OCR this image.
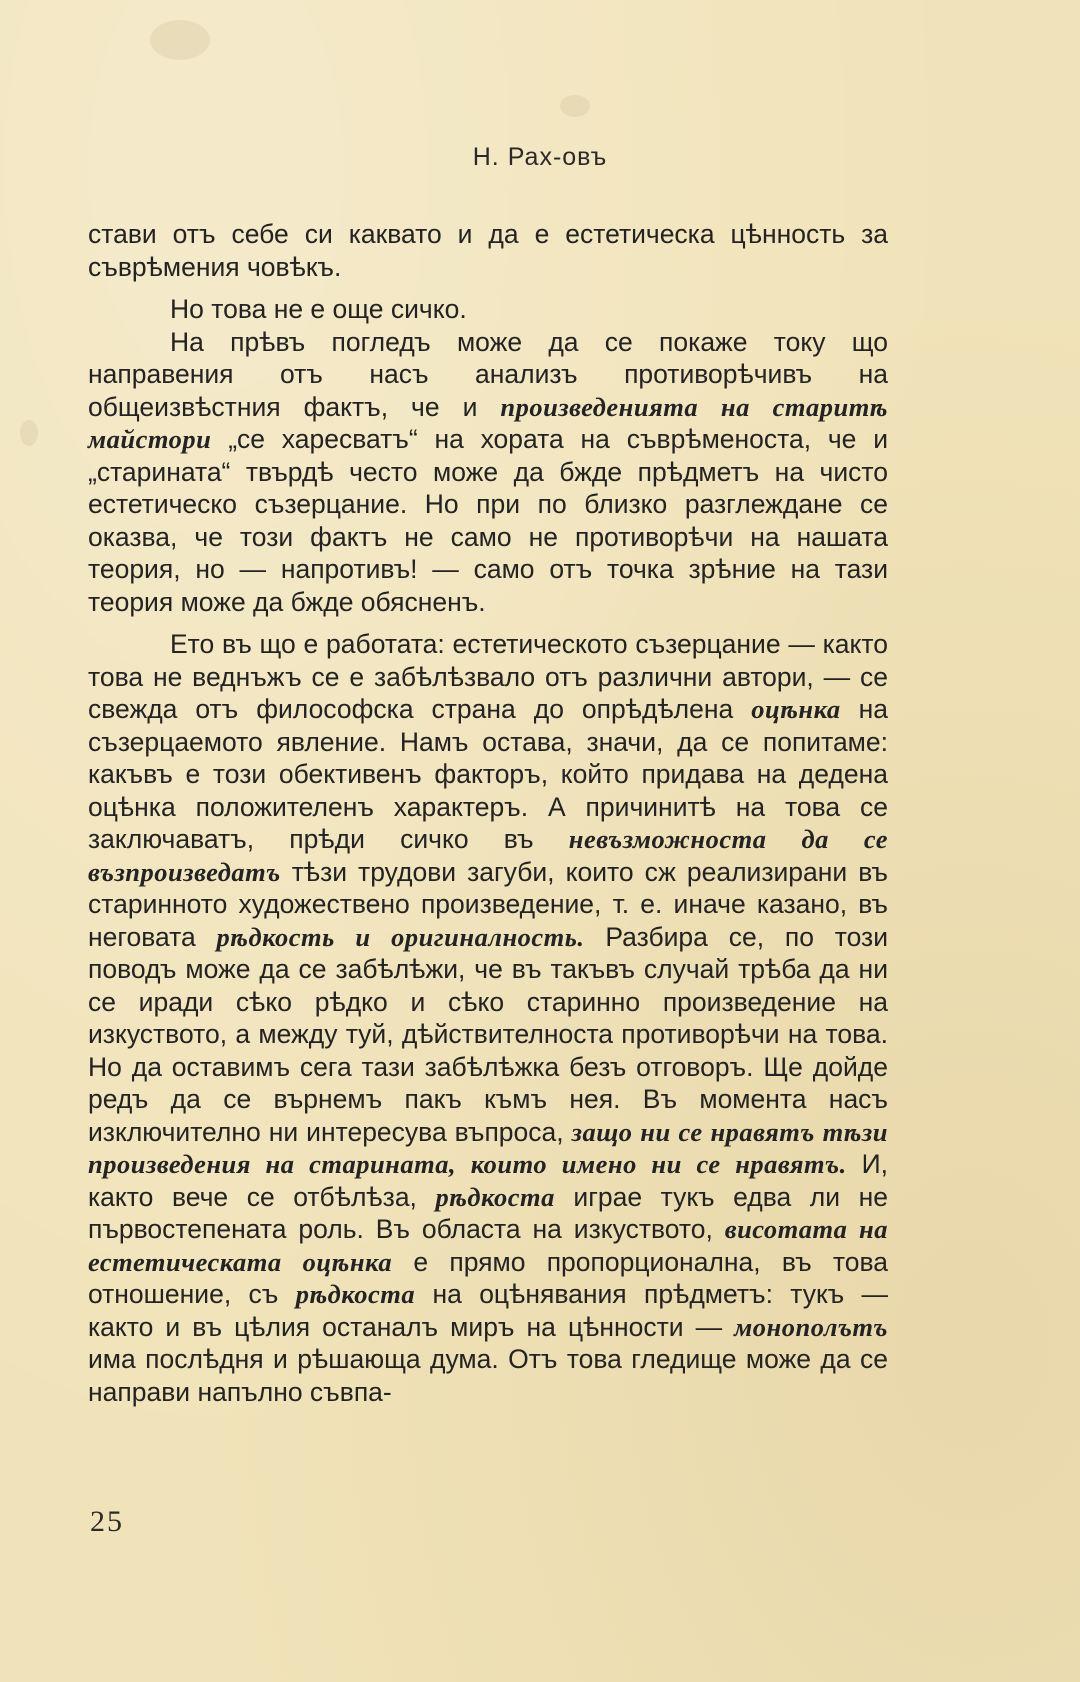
Н. Рах-овъ

стави отъ себе си каквато и да е естетическа цѣнность за съврѣмения човѣкъ.

Но това не е още сичко.

На прѣвъ погледъ може да се покаже току що направения отъ насъ анализъ противорѣчивъ на общеизвѣстния фактъ, че и произведенията на старитѣ майстори „се харесватъ“ на хората на съврѣменоста, че и „старината“ твърдѣ често може да бжде прѣдметъ на чисто естетическо съзерцание. Но при по близко разглеждане се оказва, че този фактъ не само не противорѣчи на нашата теория, но — напротивъ! — само отъ точка зрѣние на тази теория може да бжде обясненъ.

Ето въ що е работата: естетическото съзерцание — както това не веднъжъ се е забѣлѣзвало отъ различни автори, — се свежда отъ философска страна до опрѣдѣлена оцѣнка на съзерцаемото явление. Намъ остава, значи, да се попитаме: какъвъ е този обективенъ факторъ, който придава на дедена оцѣнка положителенъ характеръ. А причинитѣ на това се заключаватъ, прѣди сичко въ невъзможноста да се възпроизведатъ тѣзи трудови загуби, които сж реализирани въ старинното художествено произведение, т. е. иначе казано, въ неговата рѣдкость и оригиналность. Разбира се, по този поводъ може да се забѣлѣжи, че въ такъвъ случай трѣба да ни се иради сѣко рѣдко и сѣко старинно произведение на изкуството, а между туй, дѣйствителноста противорѣчи на това. Но да оставимъ сега тази забѣлѣжка безъ отговоръ. Ще дойде редъ да се върнемъ пакъ къмъ нея. Въ момента насъ изключително ни интересува въпроса, защо ни се нравятъ тѣзи произведения на старината, които имено ни се нравятъ. И, както вече се отбѣлѣза, рѣдкоста играе тукъ едва ли не първостепената роль. Въ областа на изкуството, висотата на естетическата оцѣнка е прямо пропорционална, въ това отношение, съ рѣдкоста на оцѣнявания прѣдметъ: тукъ — както и въ цѣлия останалъ миръ на цѣнности — монополътъ има послѣдня и рѣшающа дума. Отъ това гледище може да се направи напълно съвпа-

25
